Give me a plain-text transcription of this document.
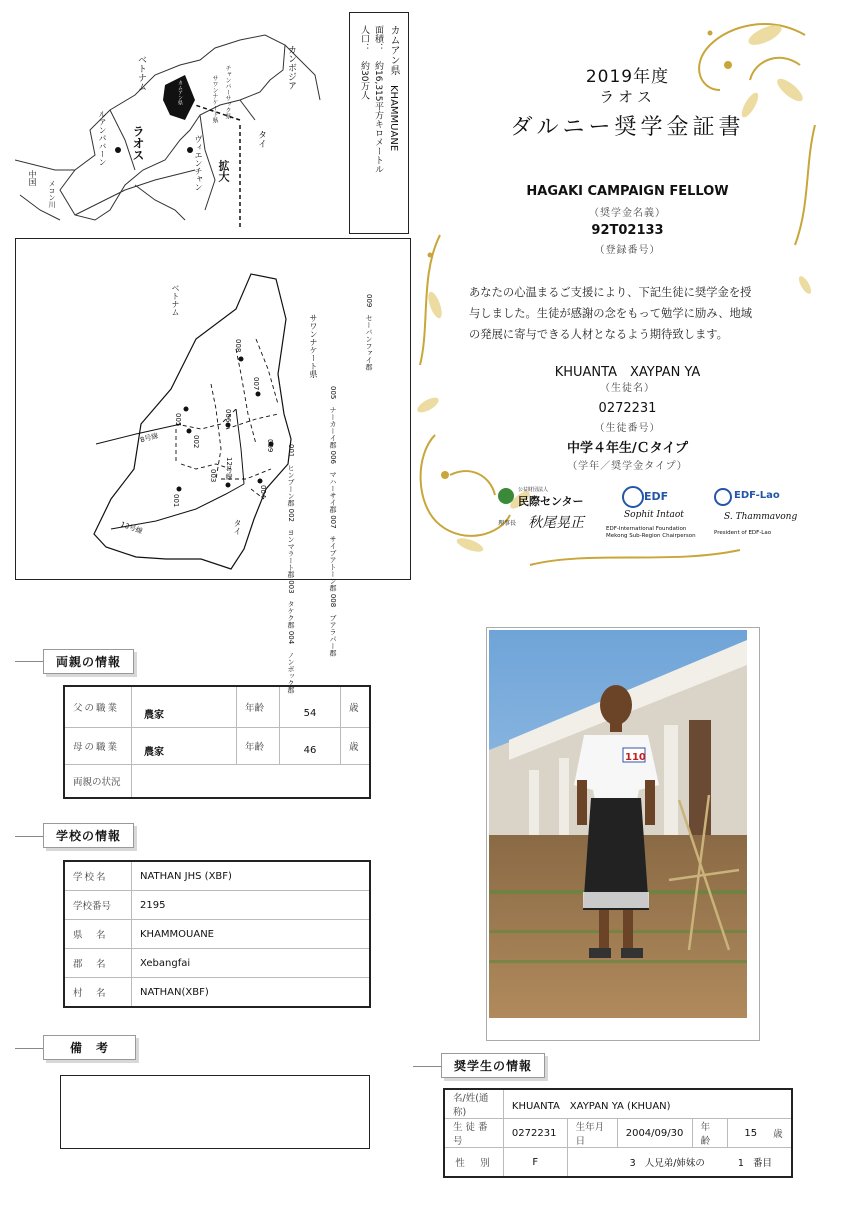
中国
メコン川
ルアンパバーン ラオス
ベトナム
カムアン県
ヴィエンチャン
サワンナケート県 チャンパーサック県
拡大
タイ
カンボジア	カムアン県　KHAMMUANE
面積：　約16,315平方キロメートル
人口：　約30万人
001
002
003
004
005	006
007
008
009
ベトナム
サワンナケート県
タイ
8号線
12号線
13号線
009　セーバンファイ郡
005　ナーカーイ郡 006　マハーサイ郡 007　サイブアトーン郡 008　ブアラパー郡
001　ヒンブーン郡 002　ヨンマラート郡 003　タケク郡 004　ノンボック郡
2019年度
ラオス
ダルニー奨学金証書
HAGAKI CAMPAIGN FELLOW
（奨学金名義）
92T02133
（登録番号）
あなたの心温まるご支援により、下記生徒に奨学金を授
与しました。生徒が感謝の念をもって勉学に励み、地域
の発展に寄与できる人材となるよう期待致します。
KHUANTA　XAYPAN YA
（生徒名）
0272231
（生徒番号）
中学４年生/Ｃタイプ
（学年／奨学金タイプ）
公益財団法人
民際センター
理事長 秋尾晃正
EDF
Sophit Intaot
EDF-International Foundation
Mekong Sub-Region Chairperson
EDF-Lao
S. Thammavong
President of EDF-Lao
両親の情報
父の職業	農家	年齢	54	歳
母の職業	農家	年齢	46	歳
両親の状況				
学校の情報
学校名	NATHAN JHS (XBF)
学校番号	2195
県　名	KHAMMOUANE
郡　名	Xebangfai
村　名	NATHAN(XBF)
備　考
110
奨学生の情報
名/姓(通称)	KHUANTA　XAYPAN YA (KHUAN)					
生徒番号	0272231	生年月日	2004/09/30	年齢	15	歳
性　別	F	3 人兄弟/姉妹の 1 番目				
